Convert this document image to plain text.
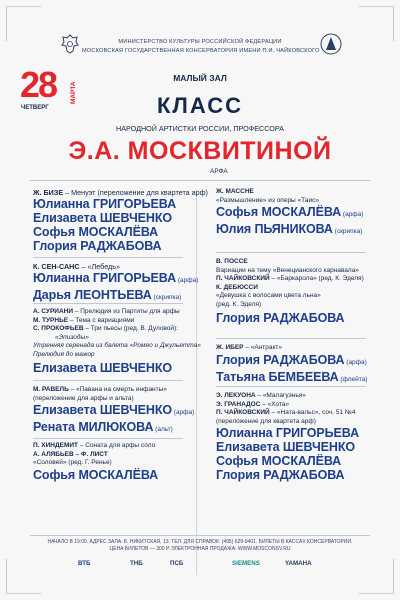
МИНИСТЕРСТВО КУЛЬТУРЫ РОССИЙСКОЙ ФЕДЕРАЦИИ
МОСКОВСКАЯ ГОСУДАРСТВЕННАЯ КОНСЕРВАТОРИЯ ИМЕНИ П.И. ЧАЙКОВСКОГО
28 МАРТА
ЧЕТВЕРГ
МАЛЫЙ ЗАЛ
КЛАСС
НАРОДНОЙ АРТИСТКИ РОССИИ, ПРОФЕССОРА
Э.А. МОСКВИТИНОЙ
АРФА
Ж. БИЗЕ – Менуэт (переложение для квартета арф)
Юлианна ГРИГОРЬЕВА
Елизавета ШЕВЧЕНКО
Софья МОСКАЛЁВА
Глория РАДЖАБОВА
К. СЕН-САНС – «Лебедь»
Юлианна ГРИГОРЬЕВА (арфа)
Дарья ЛЕОНТЬЕВА (скрипка)
А. СУРИАНИ – Прелюдия из Партиты для арфы
М. ТУРНЬЕ – Тема с вариациями
С. ПРОКОФЬЕВ – Три пьесы (ред. В. Дуловой):
«Эпизоды»
Утренняя серенада из балета «Ромео и Джульетта»
Прелюдия до мажор
Елизавета ШЕВЧЕНКО
М. РАВЕЛЬ – «Павана на смерть инфанты»
(переложение для арфы и альта)
Елизавета ШЕВЧЕНКО (арфа)
Рената МИЛЮКОВА (альт)
П. ХИНДЕМИТ – Соната для арфы соло
А. АЛЯБЬЕВ – Ф. ЛИСТ
«Соловей» (ред. Г. Ренье)
Софья МОСКАЛЁВА
Ж. МАССНЕ
«Размышление» из оперы «Таис»
Софья МОСКАЛЁВА (арфа)
Юлия ПЬЯНИКОВА (скрипка)
В. ПОССЕ
Вариации на тему «Венецианского карнавала»
П. ЧАЙКОВСКИЙ – «Баркарола» (ред. К. Эделя)
К. ДЕБЮССИ
«Девушка с волосами цвета льна»
(ред. К. Эделя)
Глория РАДЖАБОВА
Ж. ИБЕР – «Антракт»
Глория РАДЖАБОВА (арфа)
Татьяна БЕМБЕЕВА (флейта)
Э. ЛЕКУОНА – «Малагуэнья»
Э. ГРАНАДОС – «Хота»
П. ЧАЙКОВСКИЙ – «Ната-вальс», соч. 51 №4
(переложение для квартета арф)
Юлианна ГРИГОРЬЕВА
Елизавета ШЕВЧЕНКО
Софья МОСКАЛЁВА
Глория РАДЖАБОВА
НАЧАЛО В 19:00. АДРЕС ЗАЛА: Б. НИКИТСКАЯ, 13. ТЕЛ. ДЛЯ СПРАВОК: (495) 629-9401. БИЛЕТЫ В КАССАХ КОНСЕРВАТОРИИ.
ЦЕНА БИЛЕТОВ — 300 Р. ЭЛЕКТРОННАЯ ПРОДАЖА: WWW.MOSCONSV.RU
ВТБ	ТНБ	ПСБ	SIEMENS	YAMAHA
